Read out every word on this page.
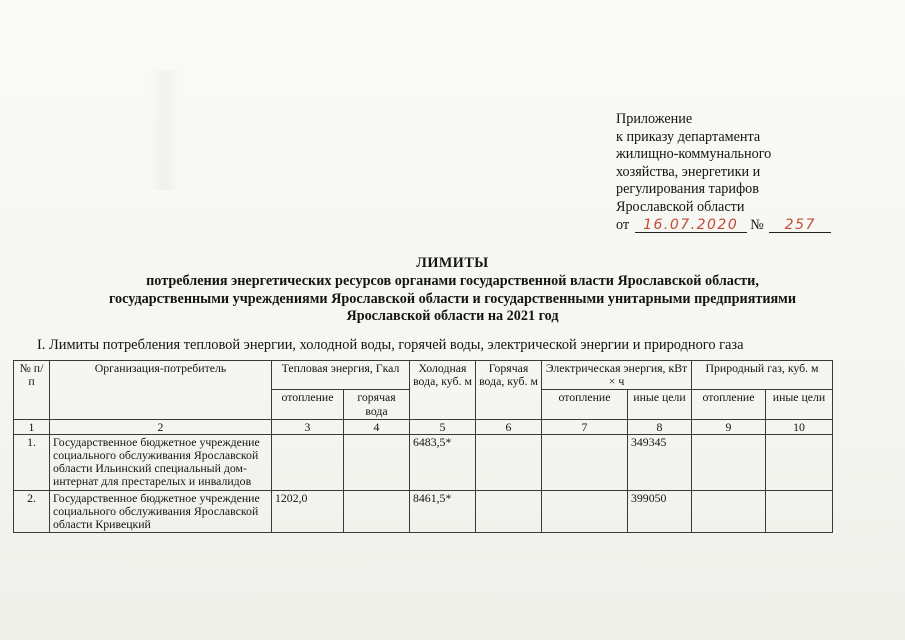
Приложение
к приказу департамента
жилищно-коммунального
хозяйства, энергетики и
регулирования тарифов
Ярославской области
от 16.07.2020 № 257
ЛИМИТЫ
потребления энергетических ресурсов органами государственной власти Ярославской области,
государственными учреждениями Ярославской области и государственными унитарными предприятиями
Ярославской области на 2021 год
I. Лимиты потребления тепловой энергии, холодной воды, горячей воды, электрической энергии и природного газа
№ п/п	Организация-потребитель	Тепловая энергия, Гкал		Холодная вода, куб. м	Горячая вода, куб. м	Электрическая энергия, кВт × ч		Природный газ, куб. м	
		отопление	горячая вода			отопление	иные цели	отопление	иные цели
1	2	3	4	5	6	7	8	9	10
1.	Государственное бюджетное учреждение социального обслуживания Ярославской области Ильинский специальный дом-интернат для престарелых и инвалидов			6483,5*			349345		
2.	Государственное бюджетное учреждение социального обслуживания Ярославской области Кривецкий	1202,0		8461,5*			399050		
